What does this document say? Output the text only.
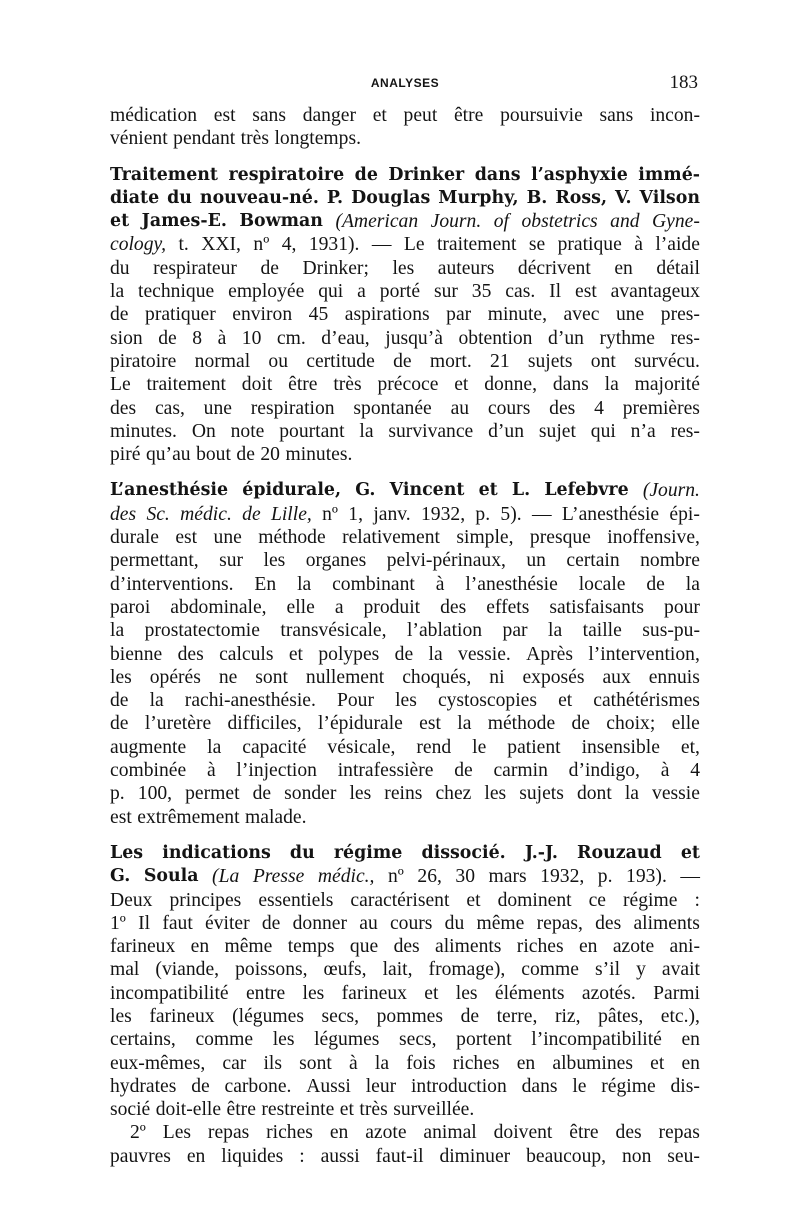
ANALYSES	183
médication est sans danger et peut être poursuivie sans incon-
vénient pendant très longtemps.
Traitement respiratoire de Drinker dans l’asphyxie immé-
diate du nouveau-né. P. Douglas Murphy, B. Ross, V. Vilson
et James-E. Bowman (American Journ. of obstetrics and Gyne-
cology, t. XXI, nº 4, 1931). — Le traitement se pratique à l’aide
du respirateur de Drinker; les auteurs décrivent en détail
la technique employée qui a porté sur 35 cas. Il est avantageux
de pratiquer environ 45 aspirations par minute, avec une pres-
sion de 8 à 10 cm. d’eau, jusqu’à obtention d’un rythme res-
piratoire normal ou certitude de mort. 21 sujets ont survécu.
Le traitement doit être très précoce et donne, dans la majorité
des cas, une respiration spontanée au cours des 4 premières
minutes. On note pourtant la survivance d’un sujet qui n’a res-
piré qu’au bout de 20 minutes.
L’anesthésie épidurale, G. Vincent et L. Lefebvre (Journ.
des Sc. médic. de Lille, nº 1, janv. 1932, p. 5). — L’anesthésie épi-
durale est une méthode relativement simple, presque inoffensive,
permettant, sur les organes pelvi-périnaux, un certain nombre
d’interventions. En la combinant à l’anesthésie locale de la
paroi abdominale, elle a produit des effets satisfaisants pour
la prostatectomie transvésicale, l’ablation par la taille sus-pu-
bienne des calculs et polypes de la vessie. Après l’intervention,
les opérés ne sont nullement choqués, ni exposés aux ennuis
de la rachi-anesthésie. Pour les cystoscopies et cathétérismes
de l’uretère difficiles, l’épidurale est la méthode de choix; elle
augmente la capacité vésicale, rend le patient insensible et,
combinée à l’injection intrafessière de carmin d’indigo, à 4
p. 100, permet de sonder les reins chez les sujets dont la vessie
est extrêmement malade.
Les indications du régime dissocié. J.-J. Rouzaud et
G. Soula (La Presse médic., nº 26, 30 mars 1932, p. 193). —
Deux principes essentiels caractérisent et dominent ce régime :
1º Il faut éviter de donner au cours du même repas, des aliments
farineux en même temps que des aliments riches en azote ani-
mal (viande, poissons, œufs, lait, fromage), comme s’il y avait
incompatibilité entre les farineux et les éléments azotés. Parmi
les farineux (légumes secs, pommes de terre, riz, pâtes, etc.),
certains, comme les légumes secs, portent l’incompatibilité en
eux-mêmes, car ils sont à la fois riches en albumines et en
hydrates de carbone. Aussi leur introduction dans le régime dis-
socié doit-elle être restreinte et très surveillée.
2º Les repas riches en azote animal doivent être des repas
pauvres en liquides : aussi faut-il diminuer beaucoup, non seu-
